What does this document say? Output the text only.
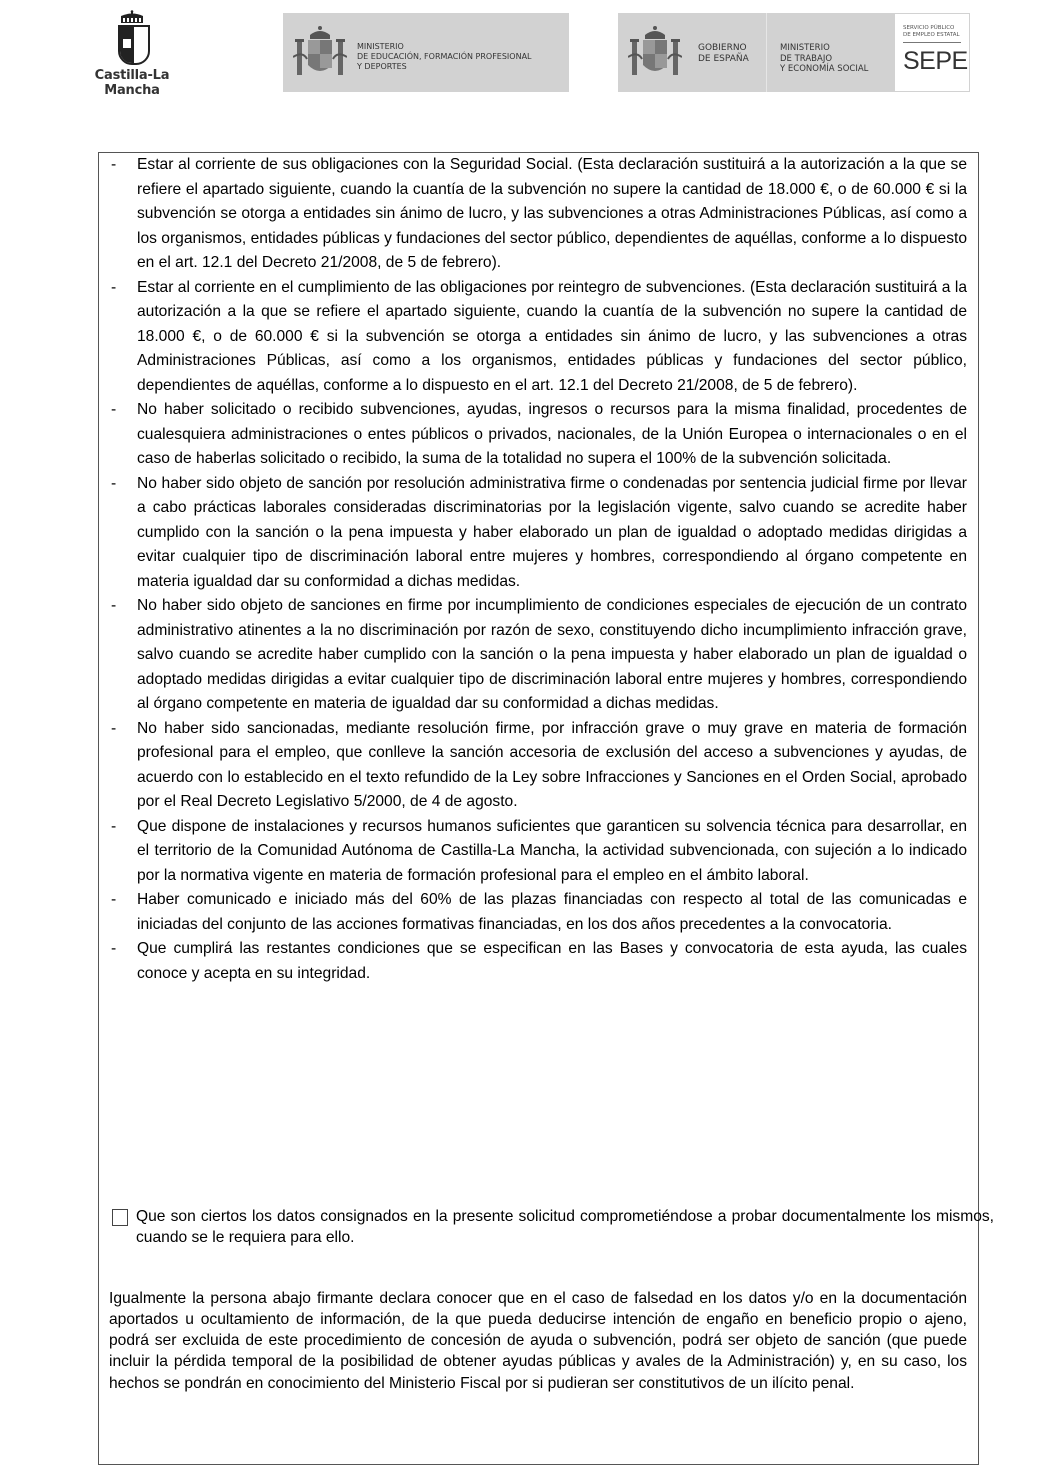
Castilla-La Mancha
MINISTERIO
DE EDUCACIÓN, FORMACIÓN PROFESIONAL
Y DEPORTES
GOBIERNO
DE ESPAÑA
MINISTERIO
DE TRABAJO
Y ECONOMÍA SOCIAL
SERVICIO PÚBLICO
DE EMPLEO ESTATAL
SEPE
- Estar al corriente de sus obligaciones con la Seguridad Social. (Esta declaración sustituirá a la autorización a la que se refiere el apartado siguiente, cuando la cuantía de la subvención no supere la cantidad de 18.000 €, o de 60.000 € si la subvención se otorga a entidades sin ánimo de lucro, y las subvenciones a otras Administraciones Públicas, así como a los organismos, entidades públicas y fundaciones del sector público, dependientes de aquéllas, conforme a lo dispuesto en el art. 12.1 del Decreto 21/2008, de 5 de febrero).
- Estar al corriente en el cumplimiento de las obligaciones por reintegro de subvenciones. (Esta declaración sustituirá a la autorización a la que se refiere el apartado siguiente, cuando la cuantía de la subvención no supere la cantidad de 18.000 €, o de 60.000 € si la subvención se otorga a entidades sin ánimo de lucro, y las subvenciones a otras Administraciones Públicas, así como a los organismos, entidades públicas y fundaciones del sector público, dependientes de aquéllas, conforme a lo dispuesto en el art. 12.1 del Decreto 21/2008, de 5 de febrero).
- No haber solicitado o recibido subvenciones, ayudas, ingresos o recursos para la misma finalidad, procedentes de cualesquiera administraciones o entes públicos o privados, nacionales, de la Unión Europea o internacionales o en el caso de haberlas solicitado o recibido, la suma de la totalidad no supera el 100% de la subvención solicitada.
- No haber sido objeto de sanción por resolución administrativa firme o condenadas por sentencia judicial firme por llevar a cabo prácticas laborales consideradas discriminatorias por la legislación vigente, salvo cuando se acredite haber cumplido con la sanción o la pena impuesta y haber elaborado un plan de igualdad o adoptado medidas dirigidas a evitar cualquier tipo de discriminación laboral entre mujeres y hombres, correspondiendo al órgano competente en materia igualdad dar su conformidad a dichas medidas.
- No haber sido objeto de sanciones en firme por incumplimiento de condiciones especiales de ejecución de un contrato administrativo atinentes a la no discriminación por razón de sexo, constituyendo dicho incumplimiento infracción grave, salvo cuando se acredite haber cumplido con la sanción o la pena impuesta y haber elaborado un plan de igualdad o adoptado medidas dirigidas a evitar cualquier tipo de discriminación laboral entre mujeres y hombres, correspondiendo al órgano competente en materia de igualdad dar su conformidad a dichas medidas.
- No haber sido sancionadas, mediante resolución firme, por infracción grave o muy grave en materia de formación profesional para el empleo, que conlleve la sanción accesoria de exclusión del acceso a subvenciones y ayudas, de acuerdo con lo establecido en el texto refundido de la Ley sobre Infracciones y Sanciones en el Orden Social, aprobado por el Real Decreto Legislativo 5/2000, de 4 de agosto.
- Que dispone de instalaciones y recursos humanos suficientes que garanticen su solvencia técnica para desarrollar, en el territorio de la Comunidad Autónoma de Castilla-La Mancha, la actividad subvencionada, con sujeción a lo indicado por la normativa vigente en materia de formación profesional para el empleo en el ámbito laboral.
- Haber comunicado e iniciado más del 60% de las plazas financiadas con respecto al total de las comunicadas e iniciadas del conjunto de las acciones formativas financiadas, en los dos años precedentes a la convocatoria.
- Que cumplirá las restantes condiciones que se especifican en las Bases y convocatoria de esta ayuda, las cuales conoce y acepta en su integridad.
Que son ciertos los datos consignados en la presente solicitud comprometiéndose a probar documentalmente los mismos, cuando se le requiera para ello.

Igualmente la persona abajo firmante declara conocer que en el caso de falsedad en los datos y/o en la documentación aportados u ocultamiento de información, de la que pueda deducirse intención de engaño en beneficio propio o ajeno, podrá ser excluida de este procedimiento de concesión de ayuda o subvención, podrá ser objeto de sanción (que puede incluir la pérdida temporal de la posibilidad de obtener ayudas públicas y avales de la Administración) y, en su caso, los hechos se pondrán en conocimiento del Ministerio Fiscal por si pudieran ser constitutivos de un ilícito penal.
